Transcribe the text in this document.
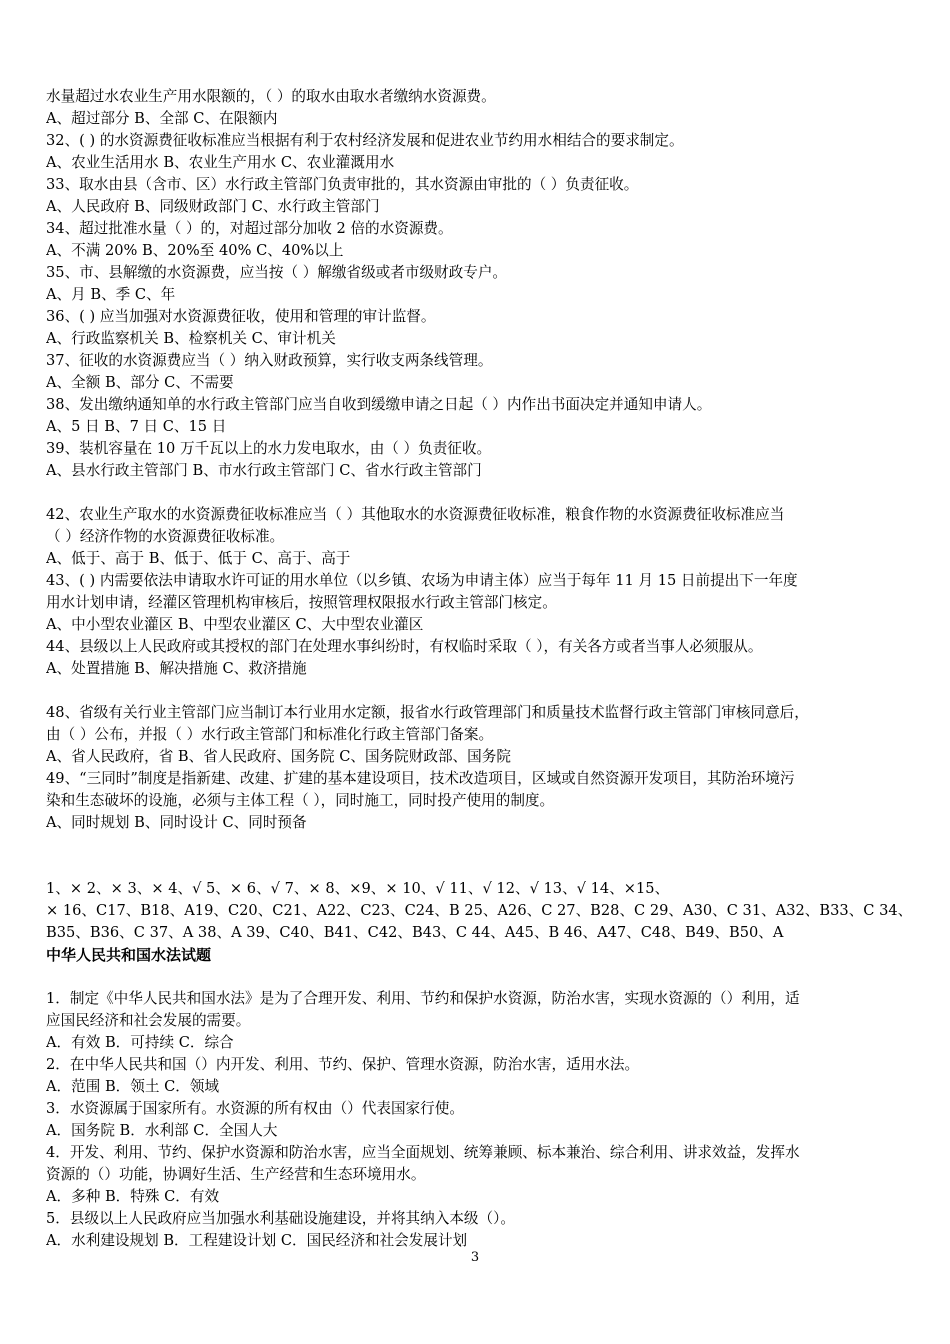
水量超过水农业生产用水限额的，（ ）的取水由取水者缴纳水资源费。
A、超过部分 B、全部 C、在限额内
32、( ) 的水资源费征收标准应当根据有利于农村经济发展和促进农业节约用水相结合的要求制定。
A、农业生活用水 B、农业生产用水 C、农业灌溉用水
33、取水由县（含市、区）水行政主管部门负责审批的，其水资源由审批的（ ）负责征收。
A、人民政府 B、同级财政部门 C、水行政主管部门
34、超过批准水量（ ）的，对超过部分加收 2 倍的水资源费。
A、不满 20% B、20%至 40% C、40%以上
35、市、县解缴的水资源费，应当按（ ）解缴省级或者市级财政专户。
A、月 B、季 C、年
36、( ) 应当加强对水资源费征收，使用和管理的审计监督。
A、行政监察机关 B、检察机关 C、审计机关
37、征收的水资源费应当（ ）纳入财政预算，实行收支两条线管理。
A、全额 B、部分 C、不需要
38、发出缴纳通知单的水行政主管部门应当自收到缓缴申请之日起（ ）内作出书面决定并通知申请人。
A、5 日 B、7 日 C、15 日
39、装机容量在 10 万千瓦以上的水力发电取水，由（ ）负责征收。
A、县水行政主管部门 B、市水行政主管部门 C、省水行政主管部门
42、农业生产取水的水资源费征收标准应当（ ）其他取水的水资源费征收标准，粮食作物的水资源费征收标准应当
（ ）经济作物的水资源费征收标准。
A、低于、高于 B、低于、低于 C、高于、高于
43、( ) 内需要依法申请取水许可证的用水单位（以乡镇、农场为申请主体）应当于每年 11 月 15 日前提出下一年度
用水计划申请，经灌区管理机构审核后，按照管理权限报水行政主管部门核定。
A、中小型农业灌区 B、中型农业灌区 C、大中型农业灌区
44、县级以上人民政府或其授权的部门在处理水事纠纷时，有权临时采取（ ），有关各方或者当事人必须服从。
A、处置措施 B、解决措施 C、救济措施
48、省级有关行业主管部门应当制订本行业用水定额，报省水行政管理部门和质量技术监督行政主管部门审核同意后，
由（ ）公布，并报（ ）水行政主管部门和标准化行政主管部门备案。
A、省人民政府，省 B、省人民政府、国务院 C、国务院财政部、国务院
49、“三同时”制度是指新建、改建、扩建的基本建设项目，技术改造项目，区域或自然资源开发项目，其防治环境污
染和生态破坏的设施，必须与主体工程（ ），同时施工，同时投产使用的制度。
A、同时规划 B、同时设计 C、同时预备
1、× 2、× 3、× 4、√ 5、× 6、√ 7、× 8、×9、× 10、√ 11、√ 12、√ 13、√ 14、×15、
× 16、C17、B18、A19、C20、C21、A22、C23、C24、B 25、A26、C 27、B28、C 29、A30、C 31、A32、B33、C 34、
B35、B36、C 37、A 38、A 39、C40、B41、C42、B43、C 44、A45、B 46、A47、C48、B49、B50、A
中华人民共和国水法试题
1．制定《中华人民共和国水法》是为了合理开发、利用、节约和保护水资源，防治水害，实现水资源的（）利用，适
应国民经济和社会发展的需要。
A．有效 B．可持续 C．综合
2．在中华人民共和国（）内开发、利用、节约、保护、管理水资源，防治水害，适用水法。
A．范围 B．领土 C．领域
3．水资源属于国家所有。水资源的所有权由（）代表国家行使。
A．国务院 B．水利部 C．全国人大
4．开发、利用、节约、保护水资源和防治水害，应当全面规划、统筹兼顾、标本兼治、综合利用、讲求效益，发挥水
资源的（）功能，协调好生活、生产经营和生态环境用水。
A．多种 B．特殊 C．有效
5．县级以上人民政府应当加强水利基础设施建设，并将其纳入本级（）。
A．水利建设规划 B．工程建设计划 C．国民经济和社会发展计划
3
